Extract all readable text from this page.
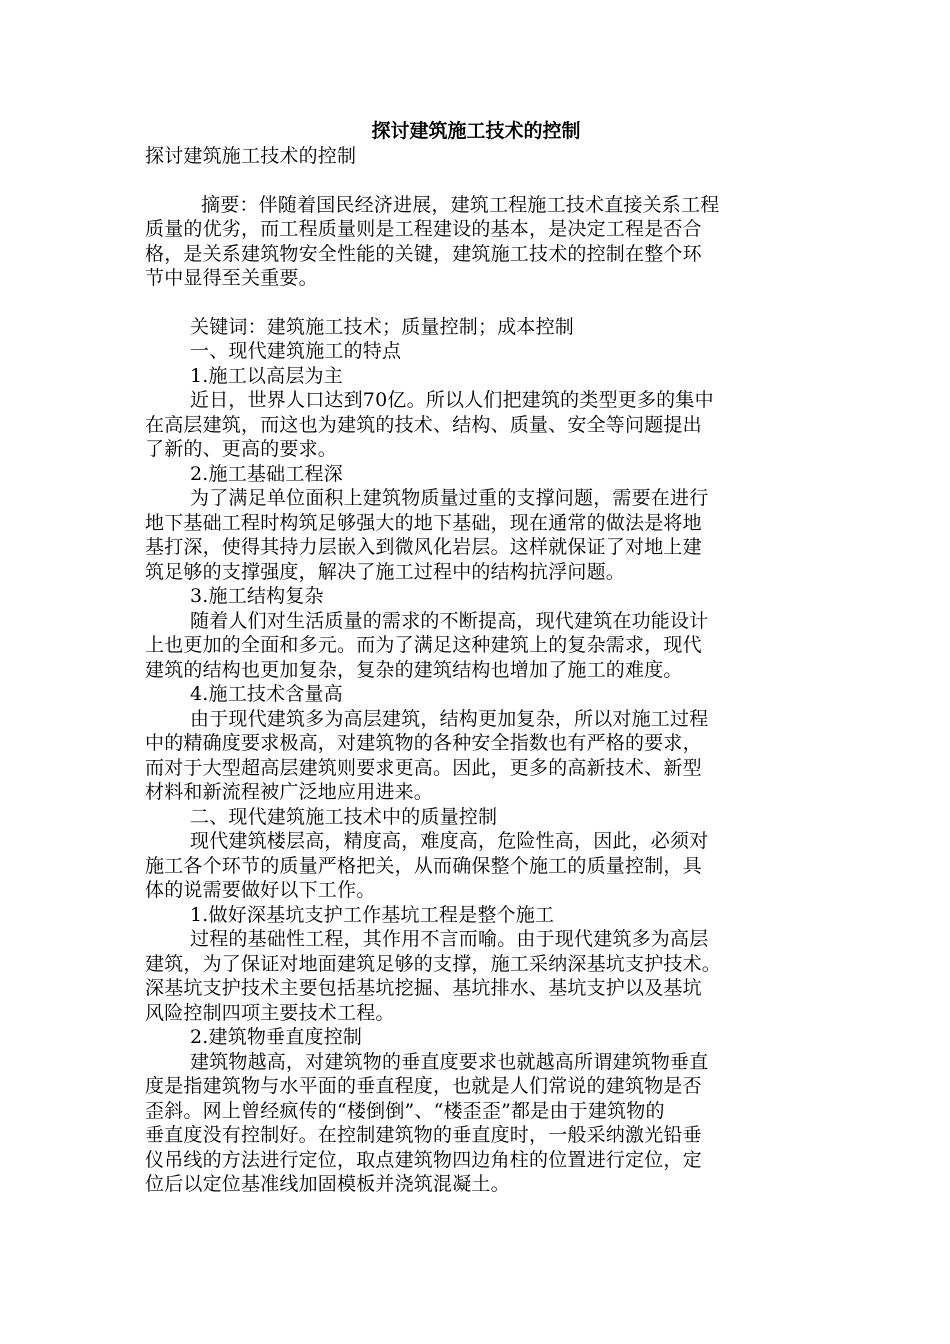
探讨建筑施工技术的控制

探讨建筑施工技术的控制

摘要：伴随着国民经济进展，建筑工程施工技术直接关系工程

质量的优劣，而工程质量则是工程建设的基本，是决定工程是否合

格，是关系建筑物安全性能的关键，建筑施工技术的控制在整个环

节中显得至关重要。

关键词：建筑施工技术；质量控制；成本控制

一、现代建筑施工的特点

1.施工以高层为主

近日，世界人口达到70亿。所以人们把建筑的类型更多的集中

在高层建筑，而这也为建筑的技术、结构、质量、安全等问题提出

了新的、更高的要求。

2.施工基础工程深

为了满足单位面积上建筑物质量过重的支撑问题，需要在进行

地下基础工程时构筑足够强大的地下基础，现在通常的做法是将地

基打深，使得其持力层嵌入到微风化岩层。这样就保证了对地上建

筑足够的支撑强度，解决了施工过程中的结构抗浮问题。

3.施工结构复杂

随着人们对生活质量的需求的不断提高，现代建筑在功能设计

上也更加的全面和多元。而为了满足这种建筑上的复杂需求，现代

建筑的结构也更加复杂，复杂的建筑结构也增加了施工的难度。

4.施工技术含量高

由于现代建筑多为高层建筑，结构更加复杂，所以对施工过程

中的精确度要求极高，对建筑物的各种安全指数也有严格的要求，

而对于大型超高层建筑则要求更高。因此，更多的高新技术、新型

材料和新流程被广泛地应用进来。

二、现代建筑施工技术中的质量控制

现代建筑楼层高，精度高，难度高，危险性高，因此，必须对

施工各个环节的质量严格把关，从而确保整个施工的质量控制，具

体的说需要做好以下工作。

1.做好深基坑支护工作基坑工程是整个施工

过程的基础性工程，其作用不言而喻。由于现代建筑多为高层

建筑，为了保证对地面建筑足够的支撑，施工采纳深基坑支护技术。

深基坑支护技术主要包括基坑挖掘、基坑排水、基坑支护以及基坑

风险控制四项主要技术工程。

2.建筑物垂直度控制

建筑物越高，对建筑物的垂直度要求也就越高所谓建筑物垂直

度是指建筑物与水平面的垂直程度，也就是人们常说的建筑物是否

歪斜。网上曾经疯传的“楼倒倒”、“楼歪歪”都是由于建筑物的

垂直度没有控制好。在控制建筑物的垂直度时，一般采纳激光铅垂

仪吊线的方法进行定位，取点建筑物四边角柱的位置进行定位，定

位后以定位基准线加固模板并浇筑混凝土。
